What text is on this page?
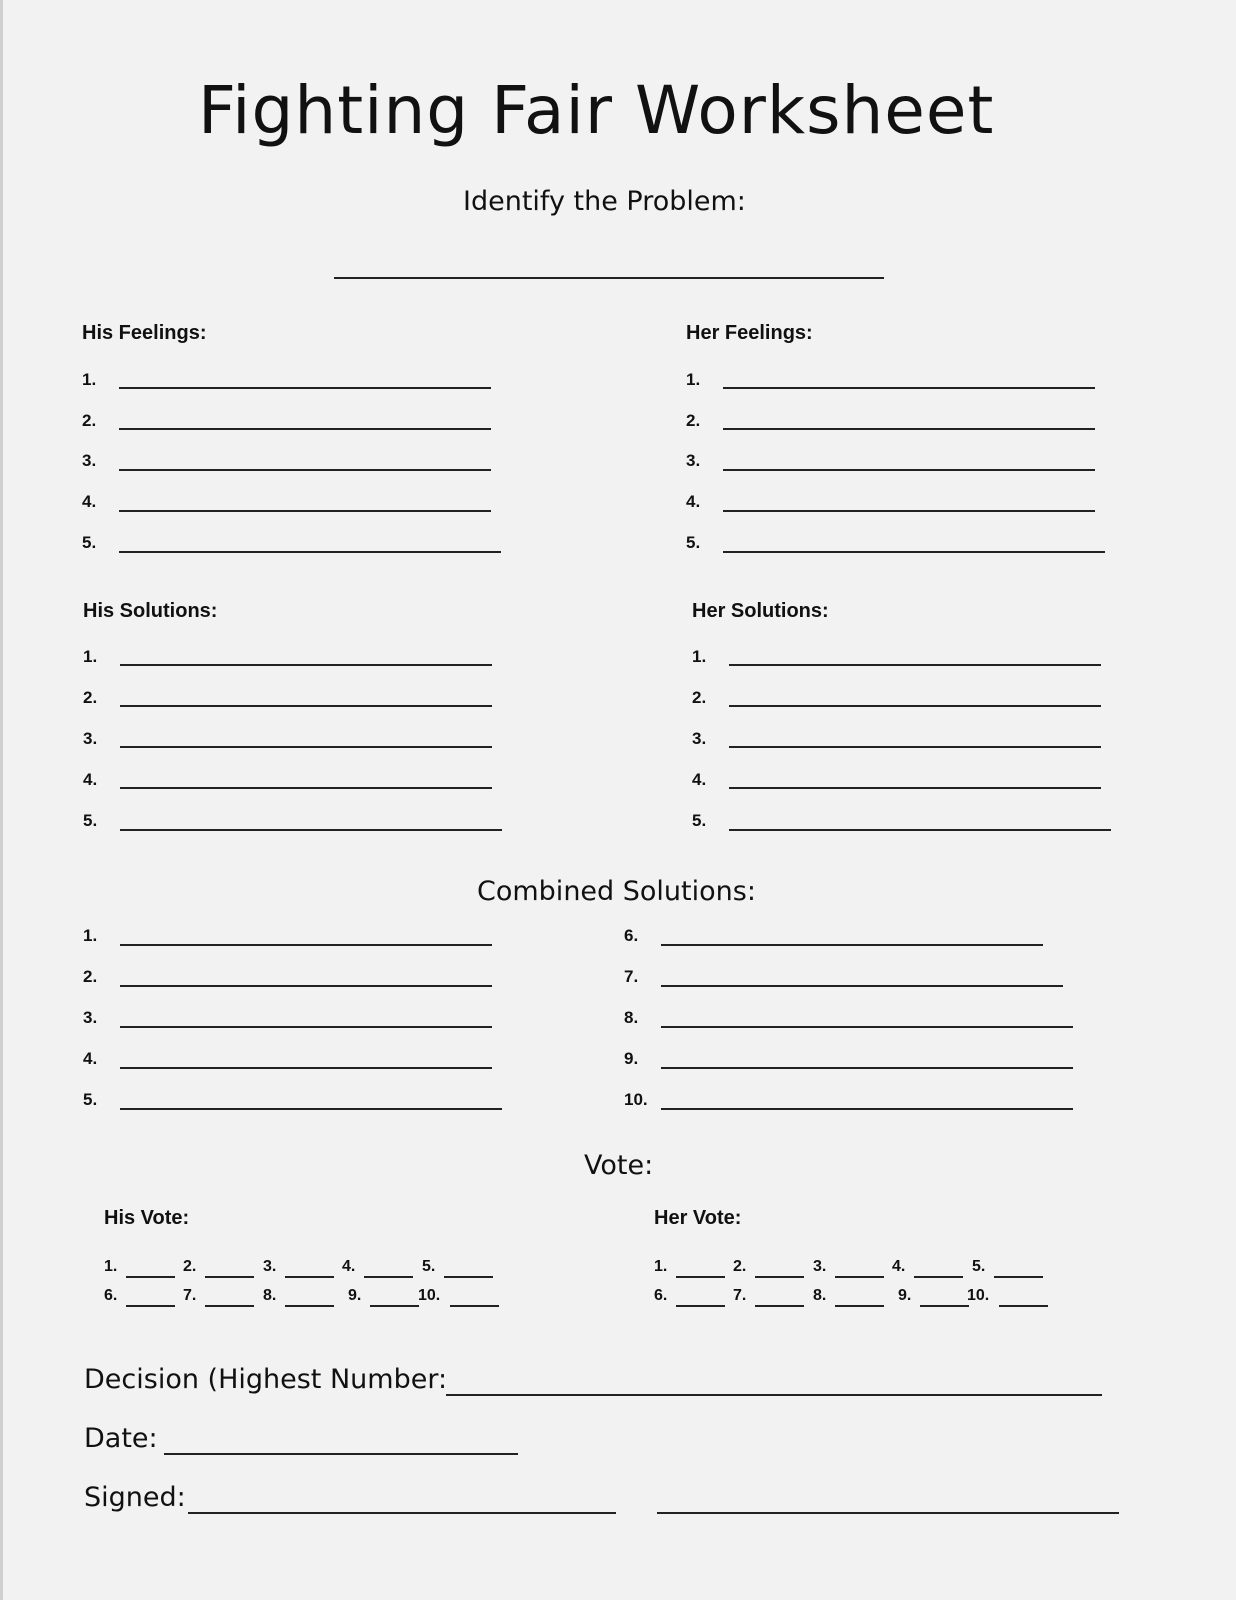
Fighting Fair Worksheet
Identify the Problem:
His Feelings:
1.
2.
3.
4.
5.
Her Feelings:
1.
2.
3.
4.
5.
His Solutions:
1.
2.
3.
4.
5.
Her Solutions:
1.
2.
3.
4.
5.
Combined Solutions:
1.
2.
3.
4.
5.
6.
7.
8.
9.
10.
Vote:
His Vote:	Her Vote:
1.	2.	3.	4.	5.
6.	7.	8.	9.	10.
1.	2.	3.	4.	5.
6.	7.	8.	9.	10.
Decision (Highest Number:
Date:
Signed:
